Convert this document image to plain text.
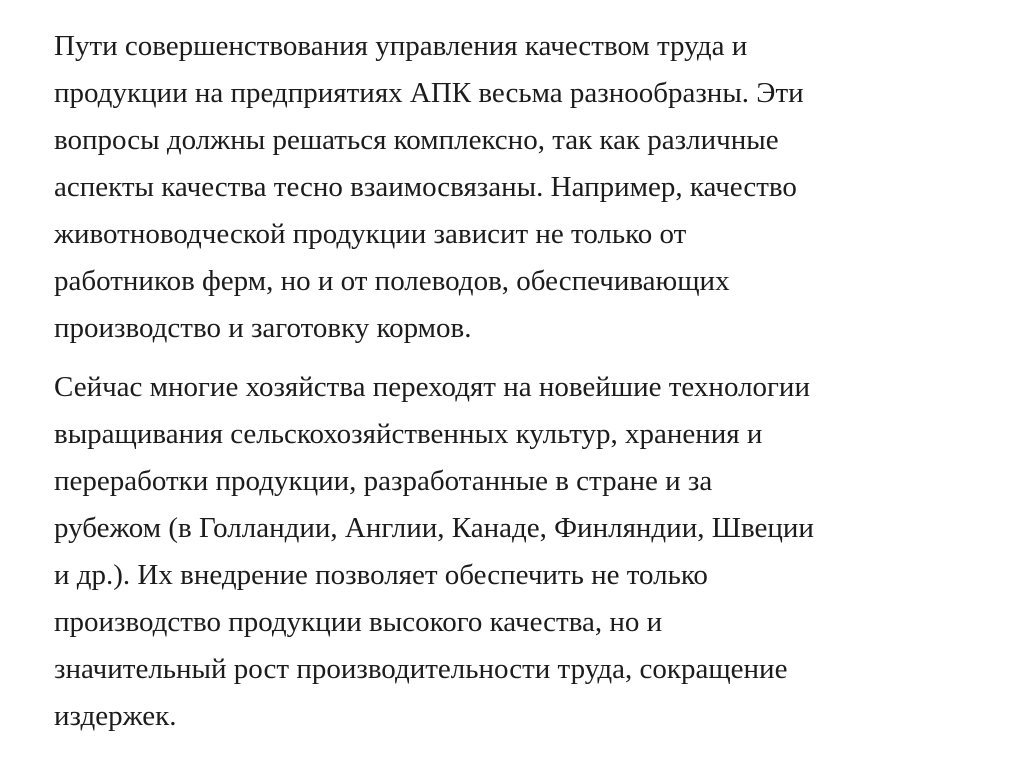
Пути совершенствования управления качеством труда и
продукции на предприятиях АПК весьма разнообразны. Эти
вопросы должны решаться комплексно, так как различные
аспекты качества тесно взаимосвязаны. Например, качество
животноводческой продукции зависит не только от
работников ферм, но и от полеводов, обеспечивающих
производство и заготовку кормов.

Сейчас многие хозяйства переходят на новейшие технологии
выращивания сельскохозяйственных культур, хранения и
переработки продукции, разработанные в стране и за
рубежом (в Голландии, Англии, Канаде, Финляндии, Швеции
и др.). Их внедрение позволяет обеспечить не только
производство продукции высокого качества, но и
значительный рост производительности труда, сокращение
издержек.
